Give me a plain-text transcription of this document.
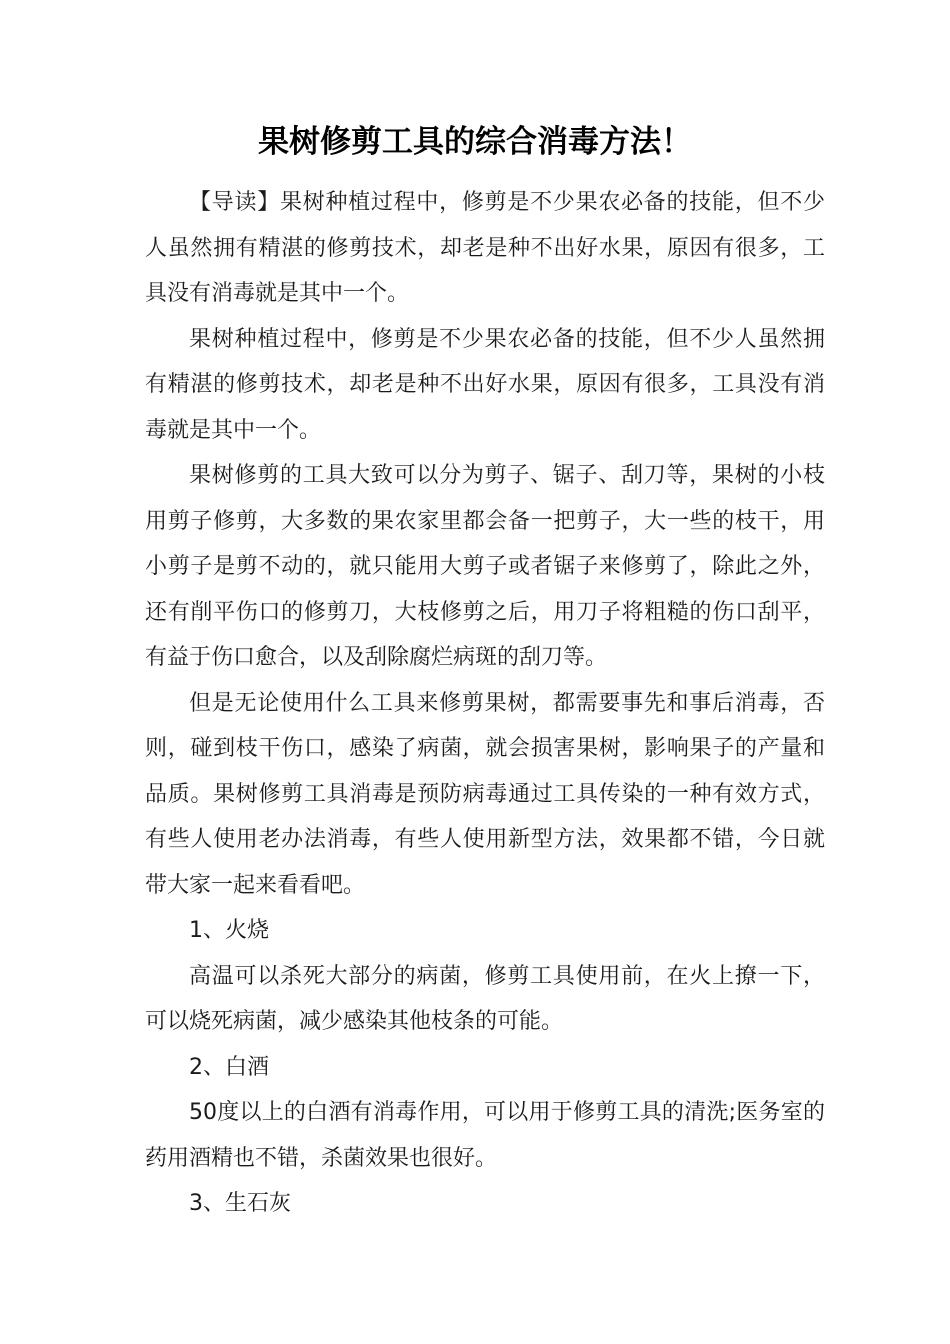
果树修剪工具的综合消毒方法！

【导读】果树种植过程中，修剪是不少果农必备的技能，但不少人虽然拥有精湛的修剪技术，却老是种不出好水果，原因有很多，工具没有消毒就是其中一个。

果树种植过程中，修剪是不少果农必备的技能，但不少人虽然拥有精湛的修剪技术，却老是种不出好水果，原因有很多，工具没有消毒就是其中一个。

果树修剪的工具大致可以分为剪子、锯子、刮刀等，果树的小枝用剪子修剪，大多数的果农家里都会备一把剪子，大一些的枝干，用小剪子是剪不动的，就只能用大剪子或者锯子来修剪了，除此之外，还有削平伤口的修剪刀，大枝修剪之后，用刀子将粗糙的伤口刮平，有益于伤口愈合，以及刮除腐烂病斑的刮刀等。

但是无论使用什么工具来修剪果树，都需要事先和事后消毒，否则，碰到枝干伤口，感染了病菌，就会损害果树，影响果子的产量和品质。果树修剪工具消毒是预防病毒通过工具传染的一种有效方式，有些人使用老办法消毒，有些人使用新型方法，效果都不错，今日就带大家一起来看看吧。

1、火烧

高温可以杀死大部分的病菌，修剪工具使用前，在火上撩一下，可以烧死病菌，减少感染其他枝条的可能。

2、白酒

50度以上的白酒有消毒作用，可以用于修剪工具的清洗;医务室的药用酒精也不错，杀菌效果也很好。

3、生石灰
